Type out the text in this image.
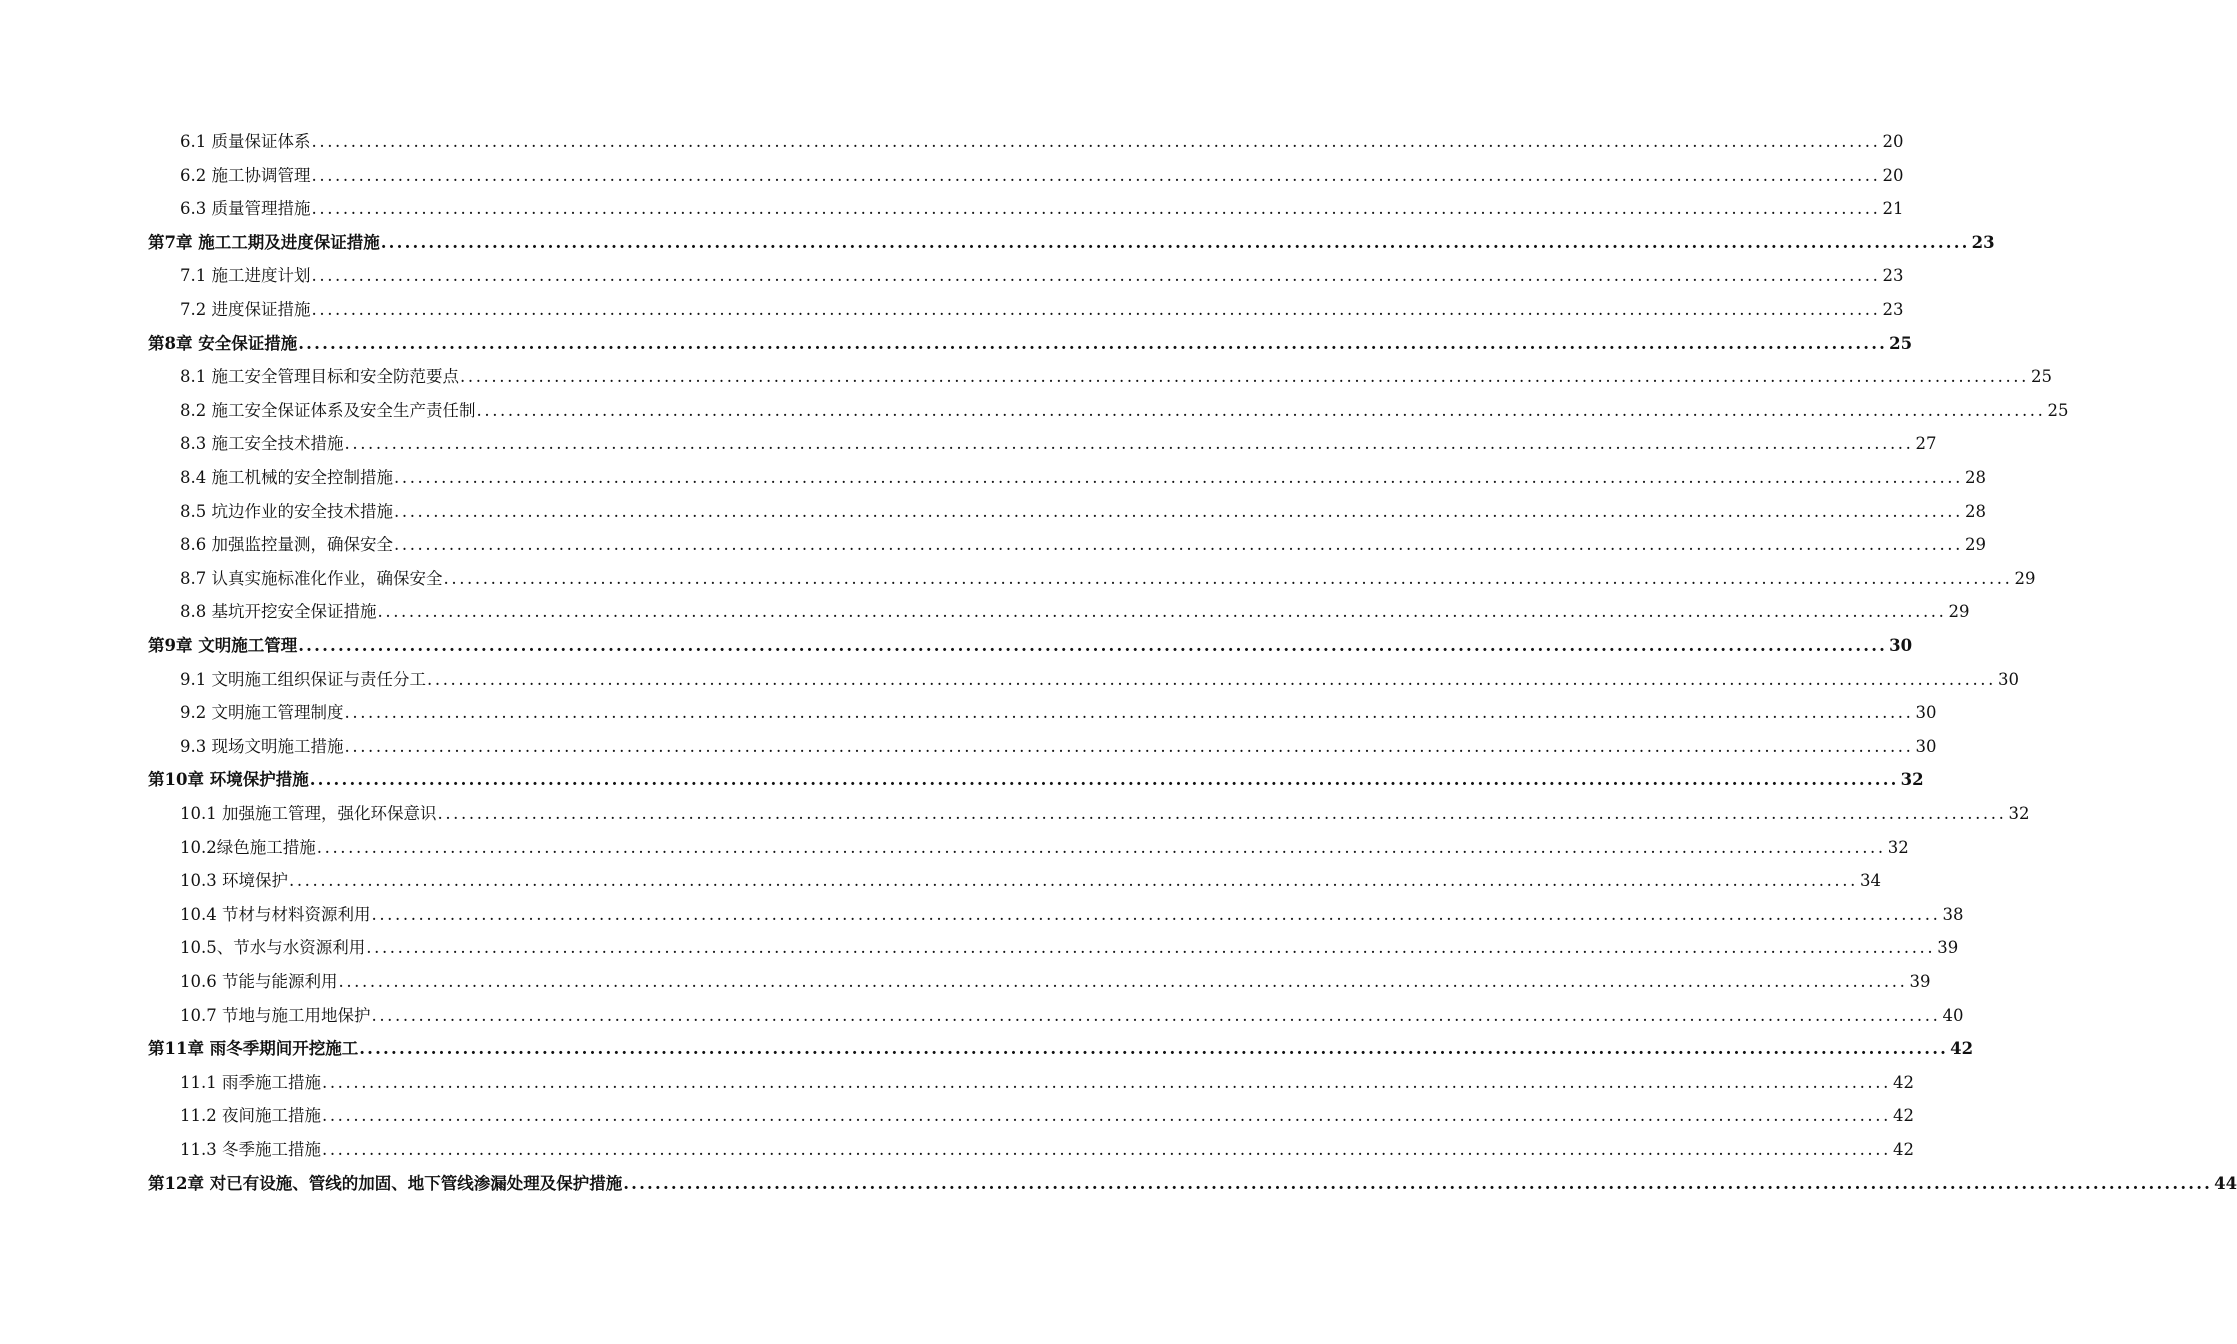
6.1 质量保证体系 ........................................................................................................................................................................................................ 20
6.2 施工协调管理 ........................................................................................................................................................................................................ 20
6.3 质量管理措施 ........................................................................................................................................................................................................ 21
第7章 施工工期及进度保证措施 ........................................................................................................................................................................................................ 23
7.1 施工进度计划 ........................................................................................................................................................................................................ 23
7.2 进度保证措施 ........................................................................................................................................................................................................ 23
第8章 安全保证措施 ........................................................................................................................................................................................................ 25
8.1 施工安全管理目标和安全防范要点 ........................................................................................................................................................................................................ 25
8.2 施工安全保证体系及安全生产责任制 ........................................................................................................................................................................................................ 25
8.3 施工安全技术措施 ........................................................................................................................................................................................................ 27
8.4 施工机械的安全控制措施 ........................................................................................................................................................................................................ 28
8.5 坑边作业的安全技术措施 ........................................................................................................................................................................................................ 28
8.6 加强监控量测，确保安全 ........................................................................................................................................................................................................ 29
8.7 认真实施标准化作业，确保安全 ........................................................................................................................................................................................................ 29
8.8 基坑开挖安全保证措施 ........................................................................................................................................................................................................ 29
第9章 文明施工管理 ........................................................................................................................................................................................................ 30
9.1 文明施工组织保证与责任分工 ........................................................................................................................................................................................................ 30
9.2 文明施工管理制度 ........................................................................................................................................................................................................ 30
9.3 现场文明施工措施 ........................................................................................................................................................................................................ 30
第10章 环境保护措施 ........................................................................................................................................................................................................ 32
10.1 加强施工管理，强化环保意识 ........................................................................................................................................................................................................ 32
10.2绿色施工措施 ........................................................................................................................................................................................................ 32
10.3 环境保护 ........................................................................................................................................................................................................ 34
10.4 节材与材料资源利用 ........................................................................................................................................................................................................ 38
10.5、节水与水资源利用 ........................................................................................................................................................................................................ 39
10.6 节能与能源利用 ........................................................................................................................................................................................................ 39
10.7 节地与施工用地保护 ........................................................................................................................................................................................................ 40
第11章 雨冬季期间开挖施工 ........................................................................................................................................................................................................ 42
11.1 雨季施工措施 ........................................................................................................................................................................................................ 42
11.2 夜间施工措施 ........................................................................................................................................................................................................ 42
11.3 冬季施工措施 ........................................................................................................................................................................................................ 42
第12章 对已有设施、管线的加固、地下管线渗漏处理及保护措施 ........................................................................................................................................................................................................ 44
